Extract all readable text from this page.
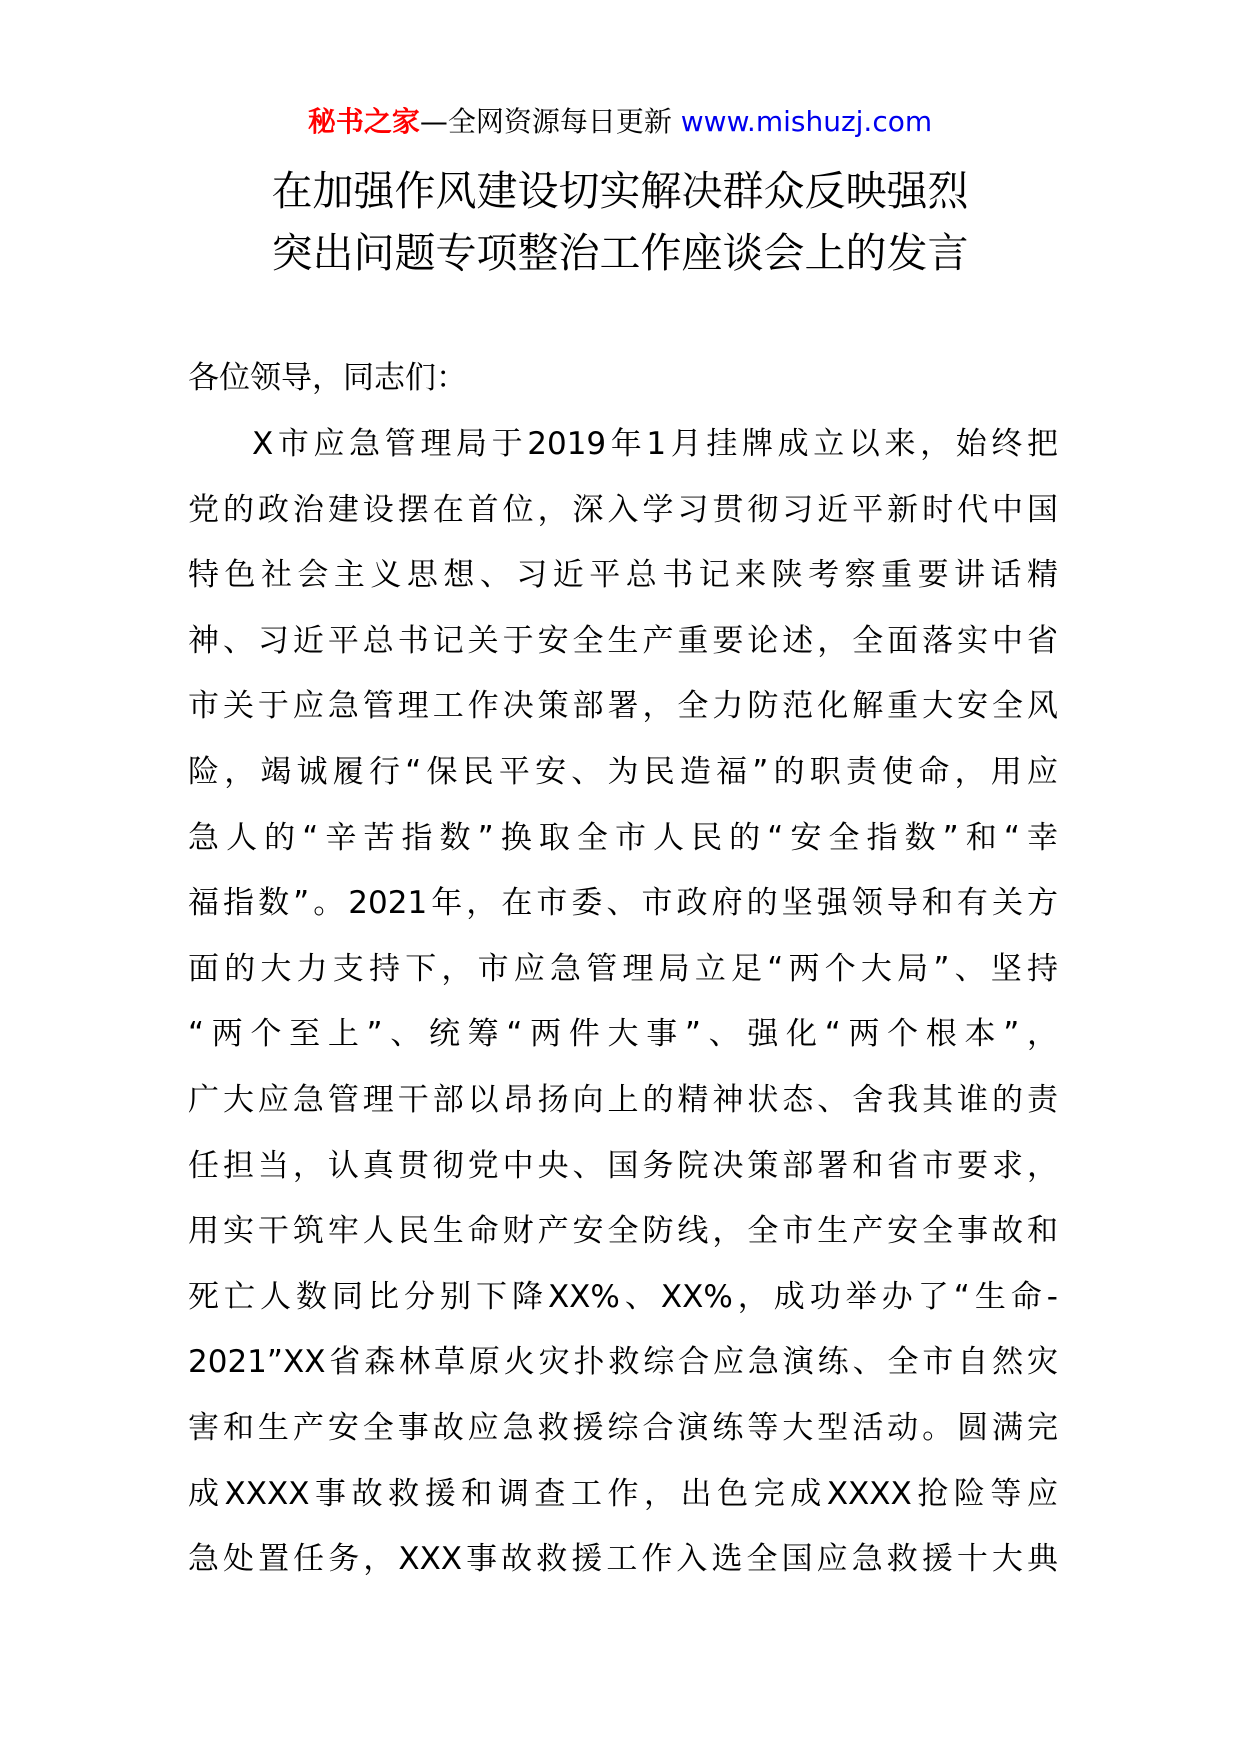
秘书之家—全网资源每日更新 www.mishuzj.com
在加强作风建设切实解决群众反映强烈
突出问题专项整治工作座谈会上的发言
各位领导，同志们：
X市应急管理局于2019年1月挂牌成立以来，始终把
党的政治建设摆在首位，深入学习贯彻习近平新时代中国
特色社会主义思想、习近平总书记来陕考察重要讲话精
神、习近平总书记关于安全生产重要论述，全面落实中省
市关于应急管理工作决策部署，全力防范化解重大安全风
险，竭诚履行“保民平安、为民造福”的职责使命，用应
急人的“辛苦指数”换取全市人民的“安全指数”和“幸
福指数”。2021年，在市委、市政府的坚强领导和有关方
面的大力支持下，市应急管理局立足“两个大局”、坚持
“两个至上”、统筹“两件大事”、强化“两个根本”，
广大应急管理干部以昂扬向上的精神状态、舍我其谁的责
任担当，认真贯彻党中央、国务院决策部署和省市要求，
用实干筑牢人民生命财产安全防线，全市生产安全事故和
死亡人数同比分别下降XX%、XX%，成功举办了“生命-
2021”XX省森林草原火灾扑救综合应急演练、全市自然灾
害和生产安全事故应急救援综合演练等大型活动。圆满完
成XXXX事故救援和调查工作，出色完成XXXX抢险等应
急处置任务，XXX事故救援工作入选全国应急救援十大典
